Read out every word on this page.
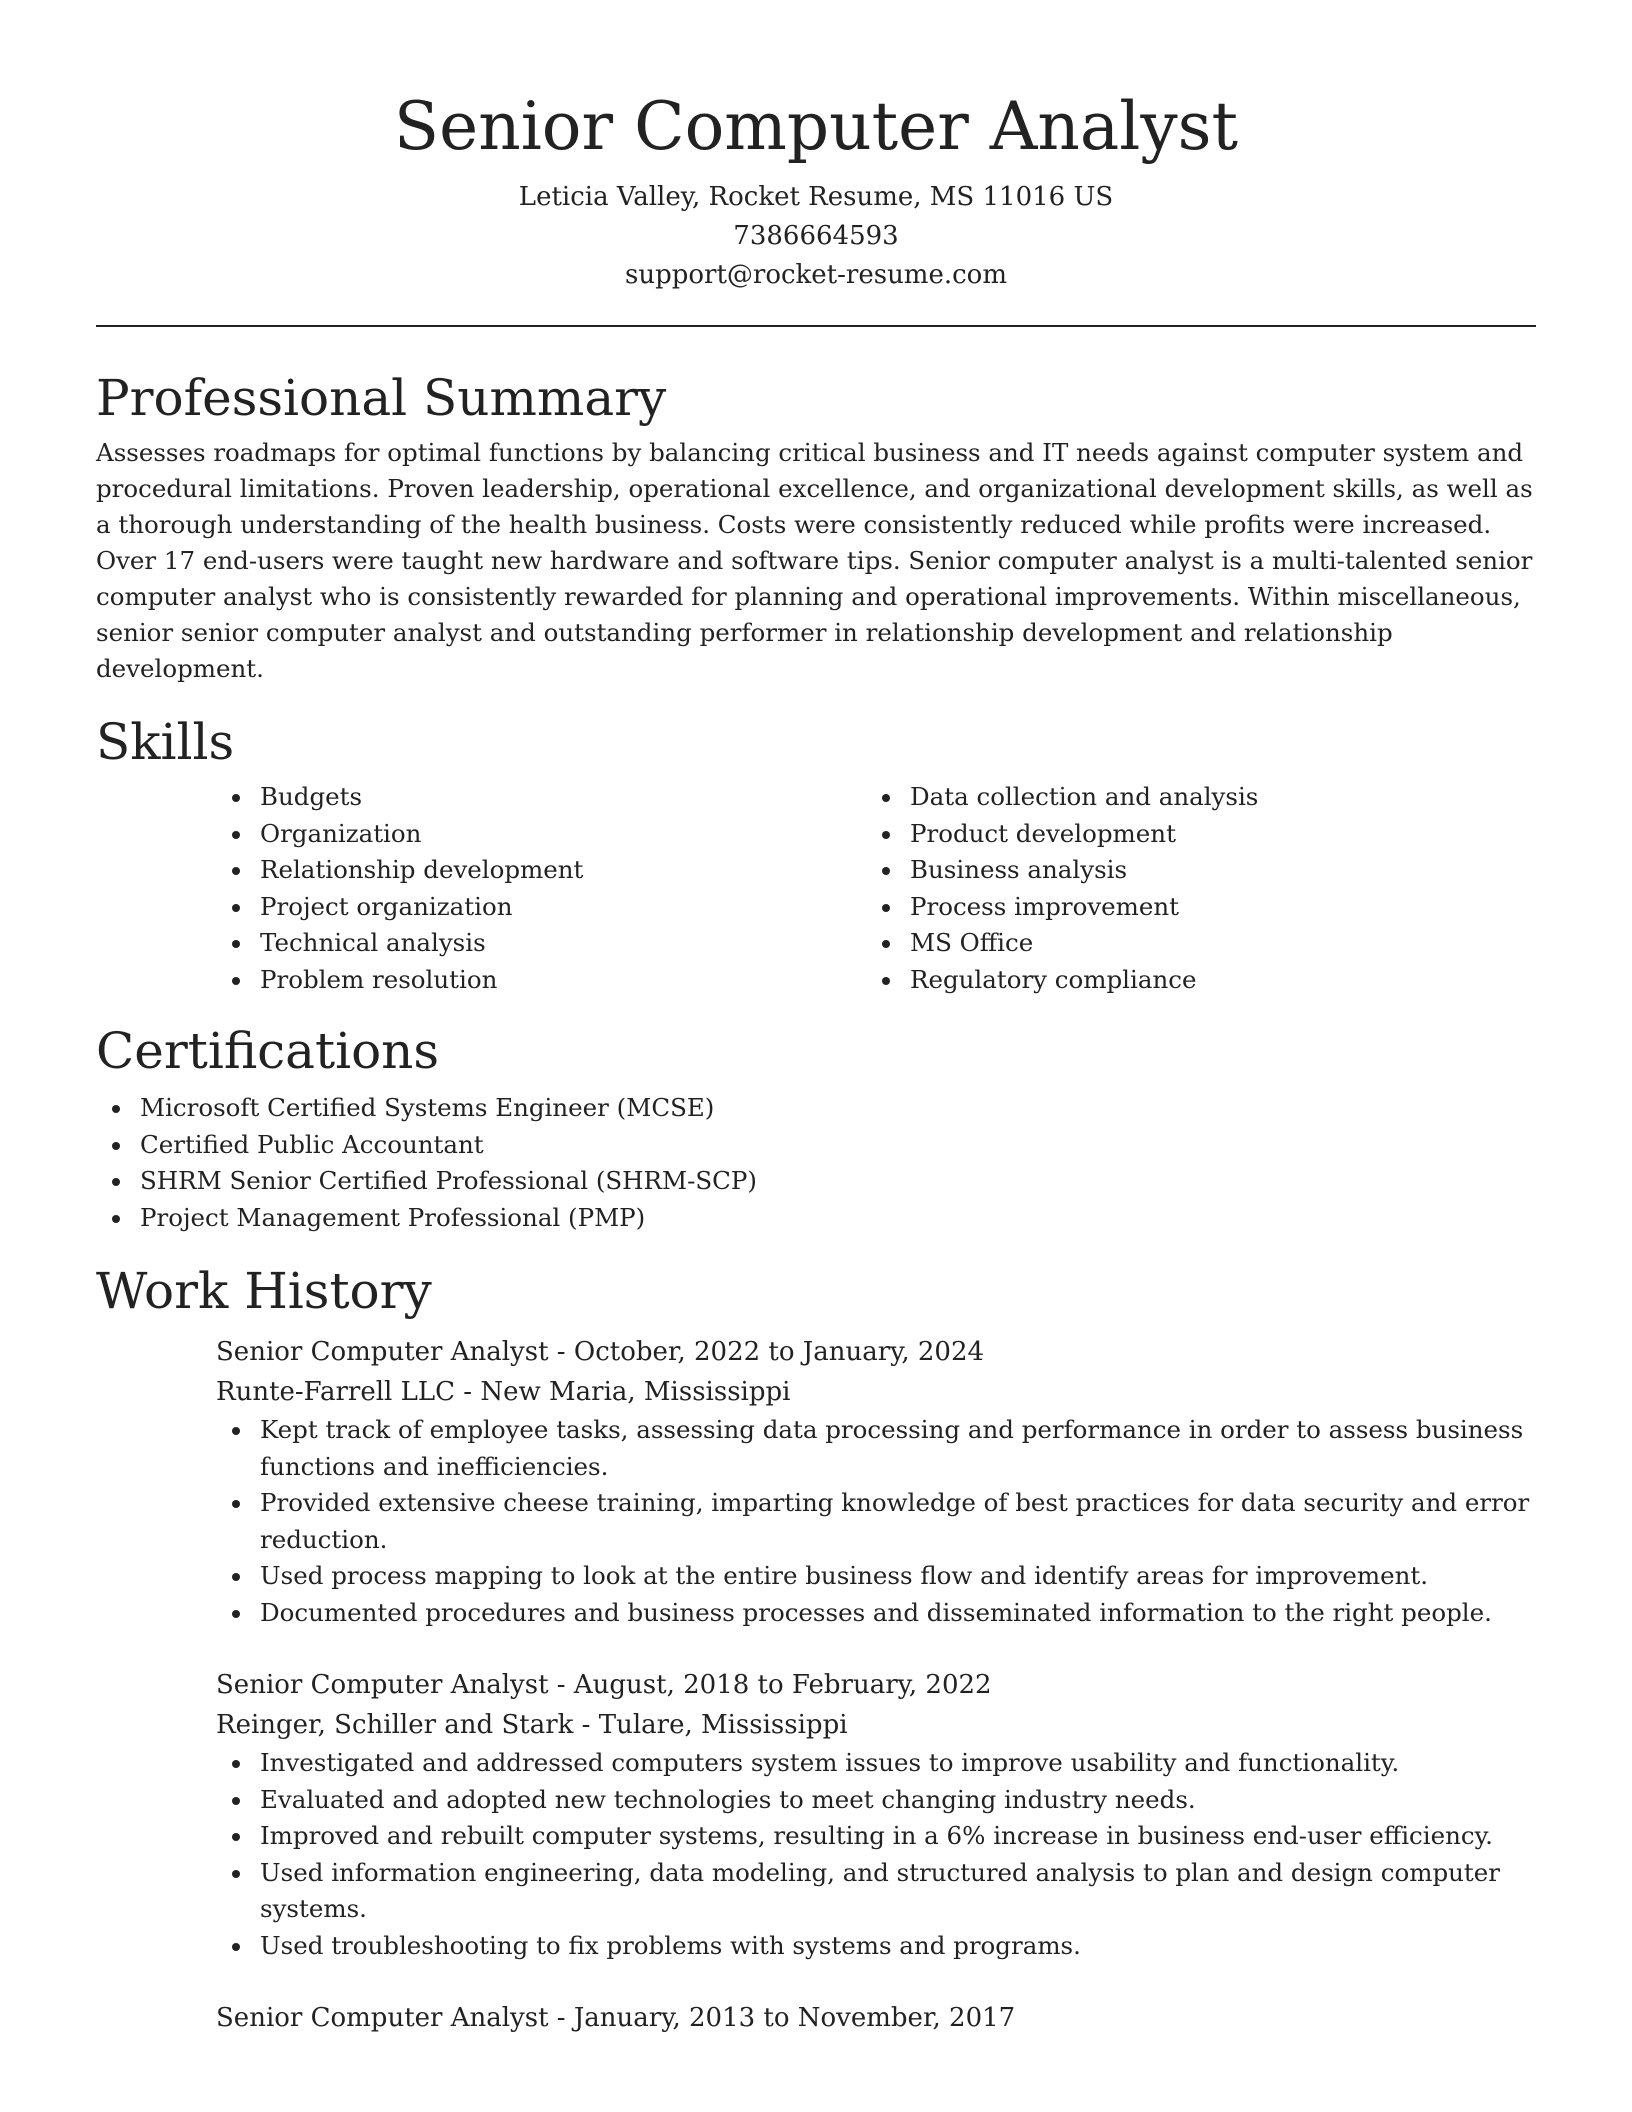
Senior Computer Analyst

Leticia Valley, Rocket Resume, MS 11016 US

7386664593

support@rocket-resume.com

Professional Summary

Assesses roadmaps for optimal functions by balancing critical business and IT needs against computer system and procedural limitations. Proven leadership, operational excellence, and organizational development skills, as well as a thorough understanding of the health business. Costs were consistently reduced while profits were increased. Over 17 end-users were taught new hardware and software tips. Senior computer analyst is a multi-talented senior computer analyst who is consistently rewarded for planning and operational improvements. Within miscellaneous, senior senior computer analyst and outstanding performer in relationship development and relationship development.

Skills
Budgets
Organization
Relationship development
Project organization
Technical analysis
Problem resolution
Data collection and analysis
Product development
Business analysis
Process improvement
MS Office
Regulatory compliance
Certifications
Microsoft Certified Systems Engineer (MCSE)
Certified Public Accountant
SHRM Senior Certified Professional (SHRM-SCP)
Project Management Professional (PMP)
Work History
Senior Computer Analyst - October, 2022 to January, 2024
Runte-Farrell LLC - New Maria, Mississippi
Kept track of employee tasks, assessing data processing and performance in order to assess business functions and inefficiencies.
Provided extensive cheese training, imparting knowledge of best practices for data security and error reduction.
Used process mapping to look at the entire business flow and identify areas for improvement.
Documented procedures and business processes and disseminated information to the right people.
Senior Computer Analyst - August, 2018 to February, 2022
Reinger, Schiller and Stark - Tulare, Mississippi
Investigated and addressed computers system issues to improve usability and functionality.
Evaluated and adopted new technologies to meet changing industry needs.
Improved and rebuilt computer systems, resulting in a 6% increase in business end-user efficiency.
Used information engineering, data modeling, and structured analysis to plan and design computer systems.
Used troubleshooting to fix problems with systems and programs.
Senior Computer Analyst - January, 2013 to November, 2017
